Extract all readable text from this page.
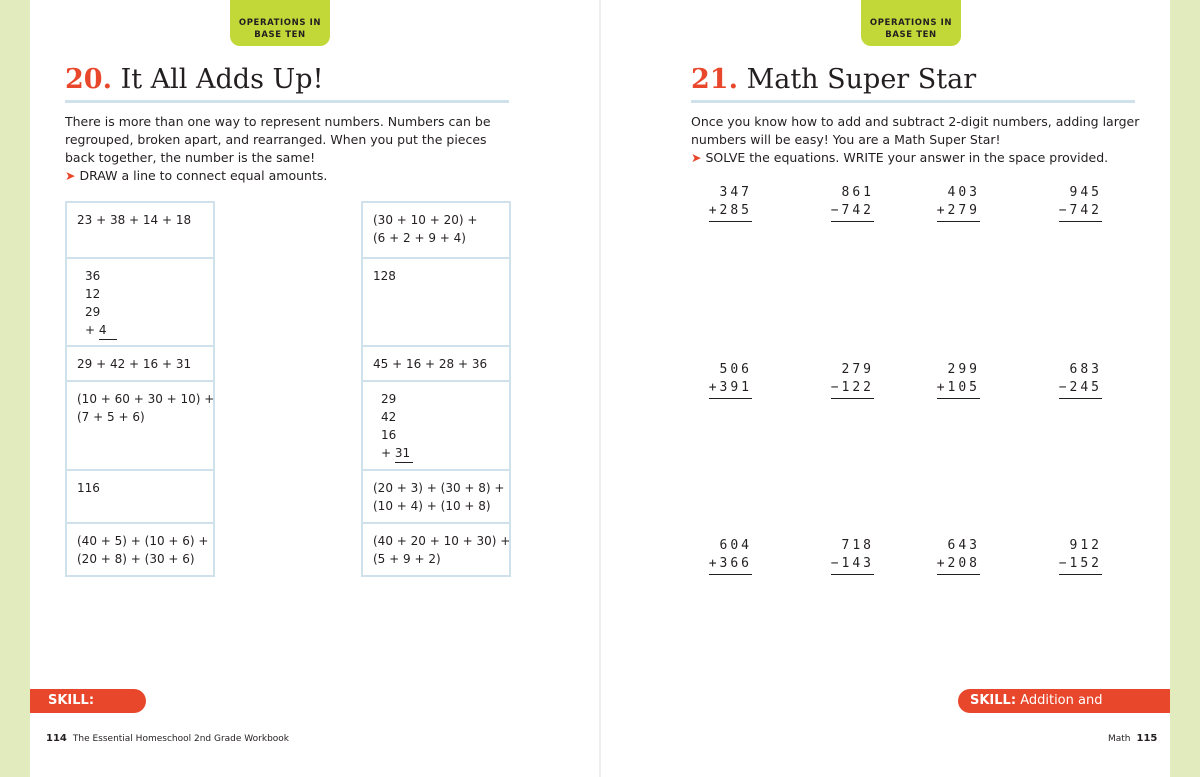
OPERATIONS IN
BASE TEN
20. It All Adds Up!
There is more than one way to represent numbers. Numbers can be regrouped, broken apart, and rearranged. When you put the pieces back together, the number is the same!
➤ DRAW a line to connect equal amounts.
23 + 38 + 14 + 18
36
12
29
+ 4
29 + 42 + 16 + 31
(10 + 60 + 30 + 10) +
(7 + 5 + 6)
116
(40 + 5) + (10 + 6) +
(20 + 8) + (30 + 6)
(30 + 10 + 20) +
(6 + 2 + 9 + 4)
128
45 + 16 + 28 + 36
29
42
16
+ 31
(20 + 3) + (30 + 8) +
(10 + 4) + (10 + 8)
(40 + 20 + 10 + 30) +
(5 + 9 + 2)
SKILL: Addition
114 The Essential Homeschool 2nd Grade Workbook
OPERATIONS IN
BASE TEN
21. Math Super Star
Once you know how to add and subtract 2-digit numbers, adding larger numbers will be easy! You are a Math Super Star!
➤ SOLVE the equations. WRITE your answer in the space provided.
347
+285
861
−742
403
+279
945
−742
506
+391
279
−122
299
+105
683
−245
604
+366
718
−143
643
+208
912
−152
SKILL: Addition and Subtraction
Math 115
